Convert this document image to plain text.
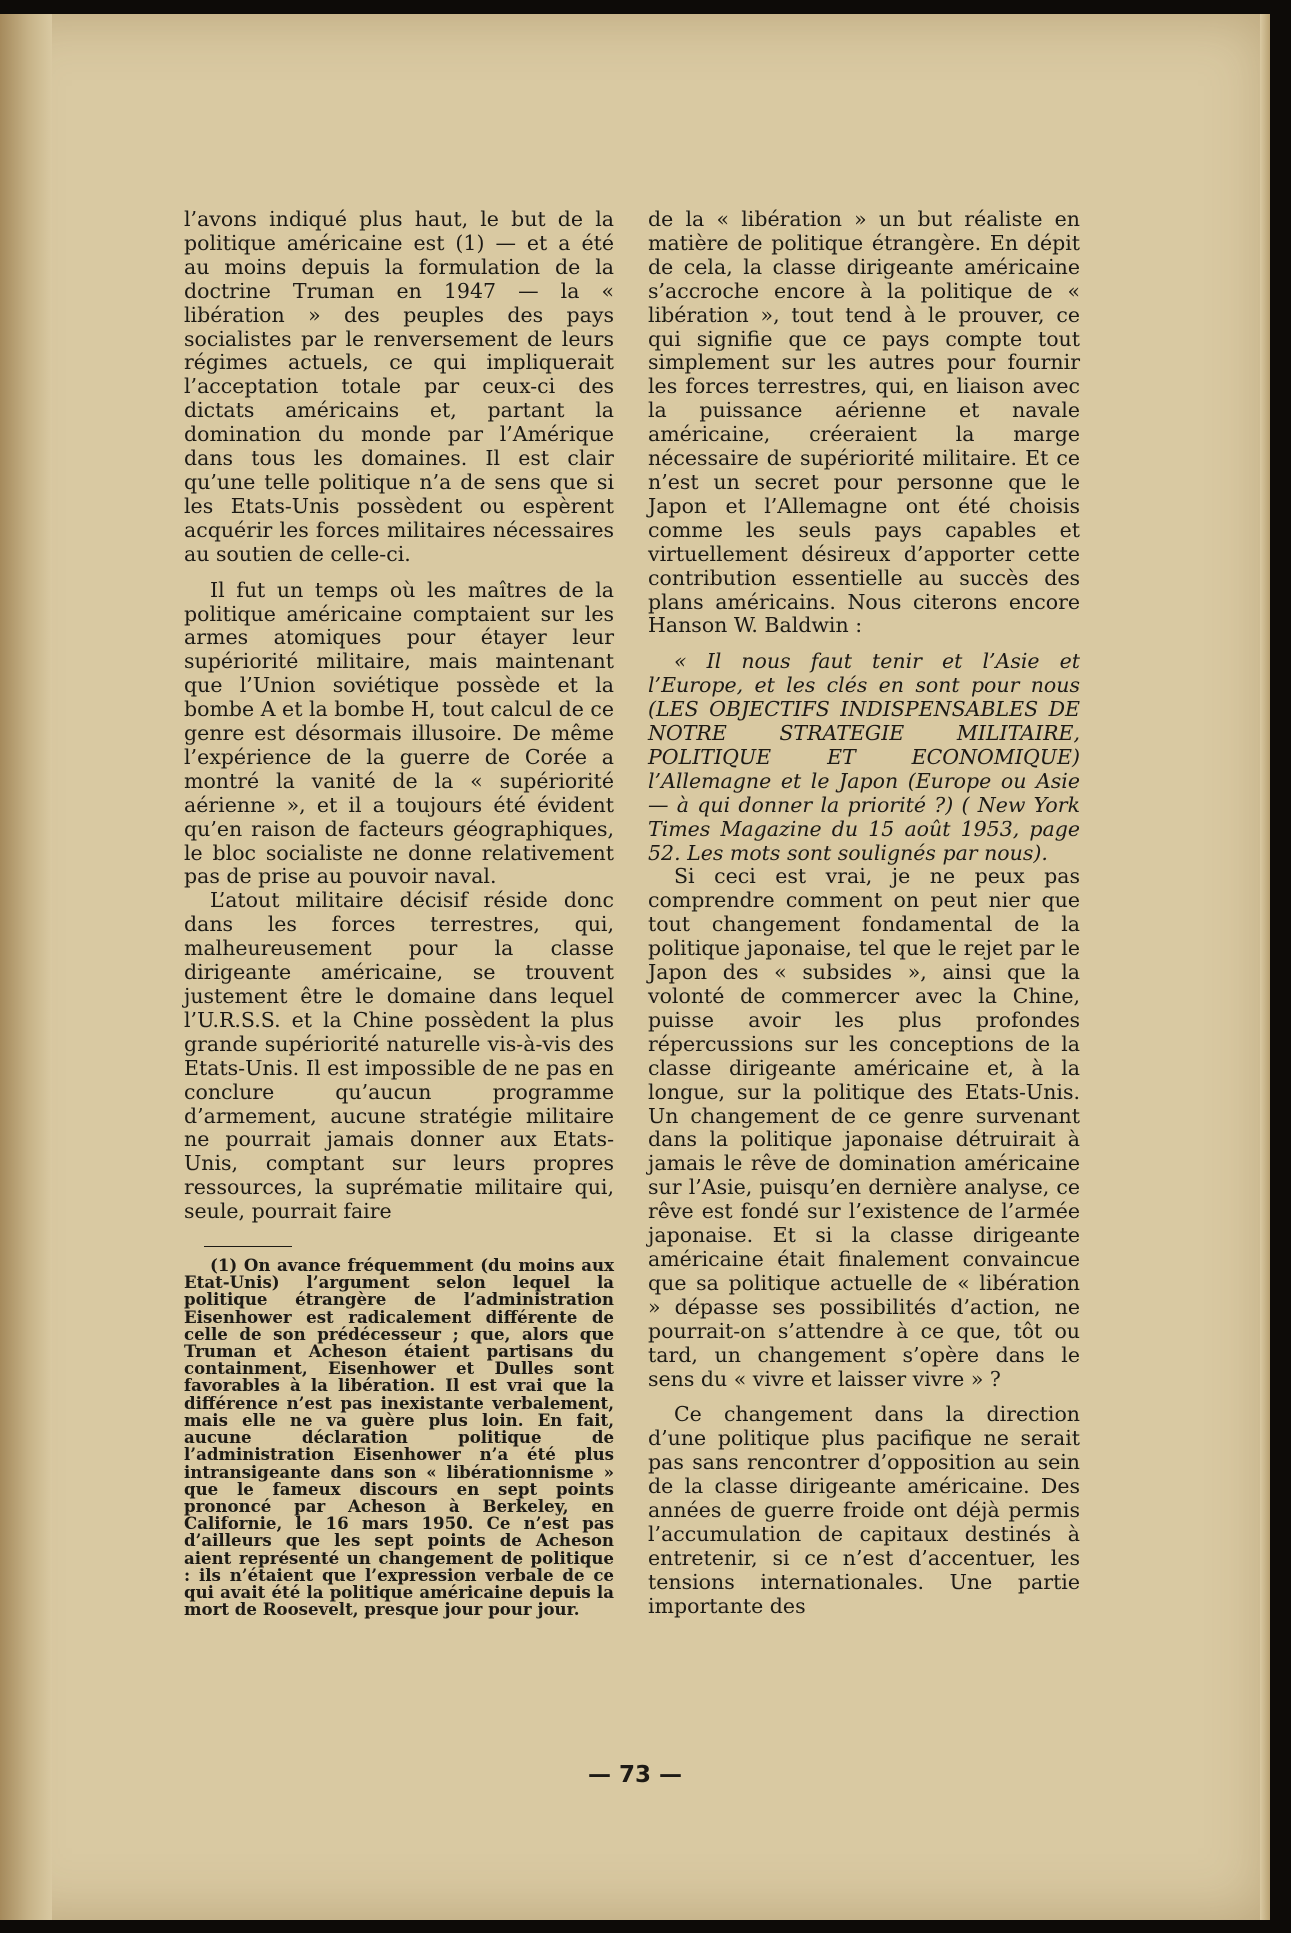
l’avons indiqué plus haut, le but de la politique américaine est (1) — et a été au moins depuis la formulation de la doctrine Truman en 1947 — la « libération » des peuples des pays socialistes par le renversement de leurs régimes actuels, ce qui impliquerait l’acceptation totale par ceux-ci des dictats américains et, partant la domination du monde par l’Amérique dans tous les domaines. Il est clair qu’une telle politique n’a de sens que si les Etats-Unis possèdent ou espèrent acquérir les forces militaires nécessaires au soutien de celle-ci.

Il fut un temps où les maîtres de la politique américaine comptaient sur les armes atomiques pour étayer leur supériorité militaire, mais maintenant que l’Union soviétique possède et la bombe A et la bombe H, tout calcul de ce genre est désormais illusoire. De même l’expérience de la guerre de Corée a montré la vanité de la « supériorité aérienne », et il a toujours été évident qu’en raison de facteurs géographiques, le bloc socialiste ne donne relativement pas de prise au pouvoir naval.

L’atout militaire décisif réside donc dans les forces terrestres, qui, malheureusement pour la classe dirigeante américaine, se trouvent justement être le domaine dans lequel l’U.R.S.S. et la Chine possèdent la plus grande supériorité naturelle vis-à-vis des Etats-Unis. Il est impossible de ne pas en conclure qu’aucun programme d’armement, aucune stratégie militaire ne pourrait jamais donner aux Etats-Unis, comptant sur leurs propres ressources, la suprématie militaire qui, seule, pourrait faire

(1) On avance fréquemment (du moins aux Etat-Unis) l’argument selon lequel la politique étrangère de l’administration Eisenhower est radicalement différente de celle de son prédécesseur ; que, alors que Truman et Acheson étaient partisans du containment, Eisenhower et Dulles sont favorables à la libération. Il est vrai que la différence n’est pas inexistante verbalement, mais elle ne va guère plus loin. En fait, aucune déclaration politique de l’administration Eisenhower n’a été plus intransigeante dans son « libérationnisme » que le fameux discours en sept points prononcé par Acheson à Berkeley, en Californie, le 16 mars 1950. Ce n’est pas d’ailleurs que les sept points de Acheson aient représenté un changement de politique : ils n’étaient que l’expression verbale de ce qui avait été la politique américaine depuis la mort de Roosevelt, presque jour pour jour.

de la « libération » un but réaliste en matière de politique étrangère. En dépit de cela, la classe dirigeante américaine s’accroche encore à la politique de « libération », tout tend à le prouver, ce qui signifie que ce pays compte tout simplement sur les autres pour fournir les forces terrestres, qui, en liaison avec la puissance aérienne et navale américaine, créeraient la marge nécessaire de supériorité militaire. Et ce n’est un secret pour personne que le Japon et l’Allemagne ont été choisis comme les seuls pays capables et virtuellement désireux d’apporter cette contribution essentielle au succès des plans américains. Nous citerons encore Hanson W. Baldwin :

« Il nous faut tenir et l’Asie et l’Europe, et les clés en sont pour nous (LES OBJECTIFS INDISPENSABLES DE NOTRE STRATEGIE MILITAIRE, POLITIQUE ET ECONOMIQUE) l’Allemagne et le Japon (Europe ou Asie — à qui donner la priorité ?) ( New York Times Magazine du 15 août 1953, page 52. Les mots sont soulignés par nous).

Si ceci est vrai, je ne peux pas comprendre comment on peut nier que tout changement fondamental de la politique japonaise, tel que le rejet par le Japon des « subsides », ainsi que la volonté de commercer avec la Chine, puisse avoir les plus profondes répercussions sur les conceptions de la classe dirigeante américaine et, à la longue, sur la politique des Etats-Unis. Un changement de ce genre survenant dans la politique japonaise détruirait à jamais le rêve de domination américaine sur l’Asie, puisqu’en dernière analyse, ce rêve est fondé sur l’existence de l’armée japonaise. Et si la classe dirigeante américaine était finalement convaincue que sa politique actuelle de « libération » dépasse ses possibilités d’action, ne pourrait-on s’attendre à ce que, tôt ou tard, un changement s’opère dans le sens du « vivre et laisser vivre » ?

Ce changement dans la direction d’une politique plus pacifique ne serait pas sans rencontrer d’opposition au sein de la classe dirigeante américaine. Des années de guerre froide ont déjà permis l’accumulation de capitaux destinés à entretenir, si ce n’est d’accentuer, les tensions internationales. Une partie importante des

— 73 —
